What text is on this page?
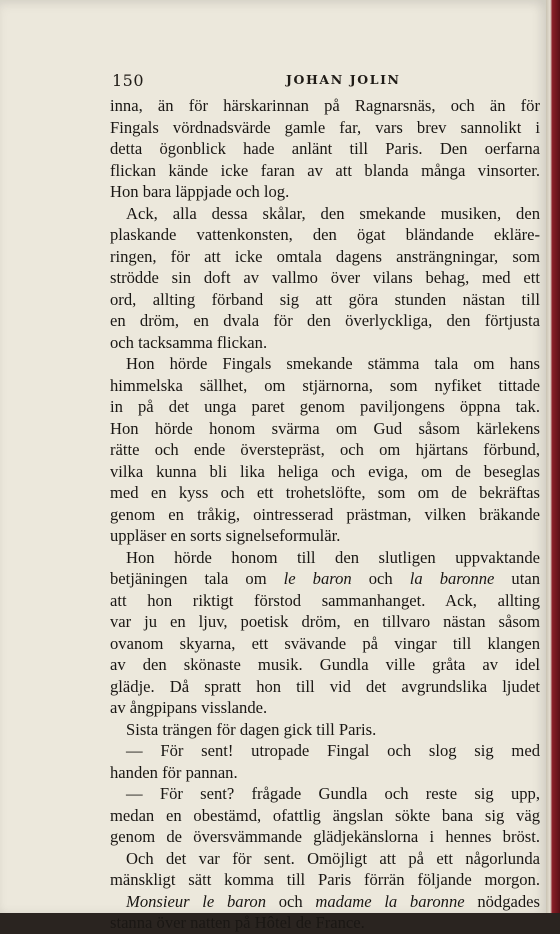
150	JOHAN JOLIN
inna, än för härskarinnan på Ragnarsnäs, och än för
Fingals vördnadsvärde gamle far, vars brev sannolikt i
detta ögonblick hade anlänt till Paris. Den oerfarna
flickan kände icke faran av att blanda många vinsorter.
Hon bara läppjade och log.
Ack, alla dessa skålar, den smekande musiken, den
plaskande vattenkonsten, den ögat bländande ekläre-
ringen, för att icke omtala dagens ansträngningar, som
strödde sin doft av vallmo över vilans behag, med ett
ord, allting förband sig att göra stunden nästan till
en dröm, en dvala för den överlyckliga, den förtjusta
och tacksamma flickan.
Hon hörde Fingals smekande stämma tala om hans
himmelska sällhet, om stjärnorna, som nyfiket tittade
in på det unga paret genom paviljongens öppna tak.
Hon hörde honom svärma om Gud såsom kärlekens
rätte och ende överstepräst, och om hjärtans förbund,
vilka kunna bli lika heliga och eviga, om de beseglas
med en kyss och ett trohetslöfte, som om de bekräftas
genom en tråkig, ointresserad prästman, vilken bräkande
uppläser en sorts signelseformulär.
Hon hörde honom till den slutligen uppvaktande
betjäningen tala om le baron och la baronne utan
att hon riktigt förstod sammanhanget. Ack, allting
var ju en ljuv, poetisk dröm, en tillvaro nästan såsom
ovanom skyarna, ett svävande på vingar till klangen
av den skönaste musik. Gundla ville gråta av idel
glädje. Då spratt hon till vid det avgrundslika ljudet
av ångpipans visslande.
Sista trängen för dagen gick till Paris.
— För sent! utropade Fingal och slog sig med
handen för pannan.
— För sent? frågade Gundla och reste sig upp,
medan en obestämd, ofattlig ängslan sökte bana sig väg
genom de översvämmande glädjekänslorna i hennes bröst.
Och det var för sent. Omöjligt att på ett någorlunda
mänskligt sätt komma till Paris förrän följande morgon.
Monsieur le baron och madame la baronne nödgades
stanna över natten på Hôtel de France.
